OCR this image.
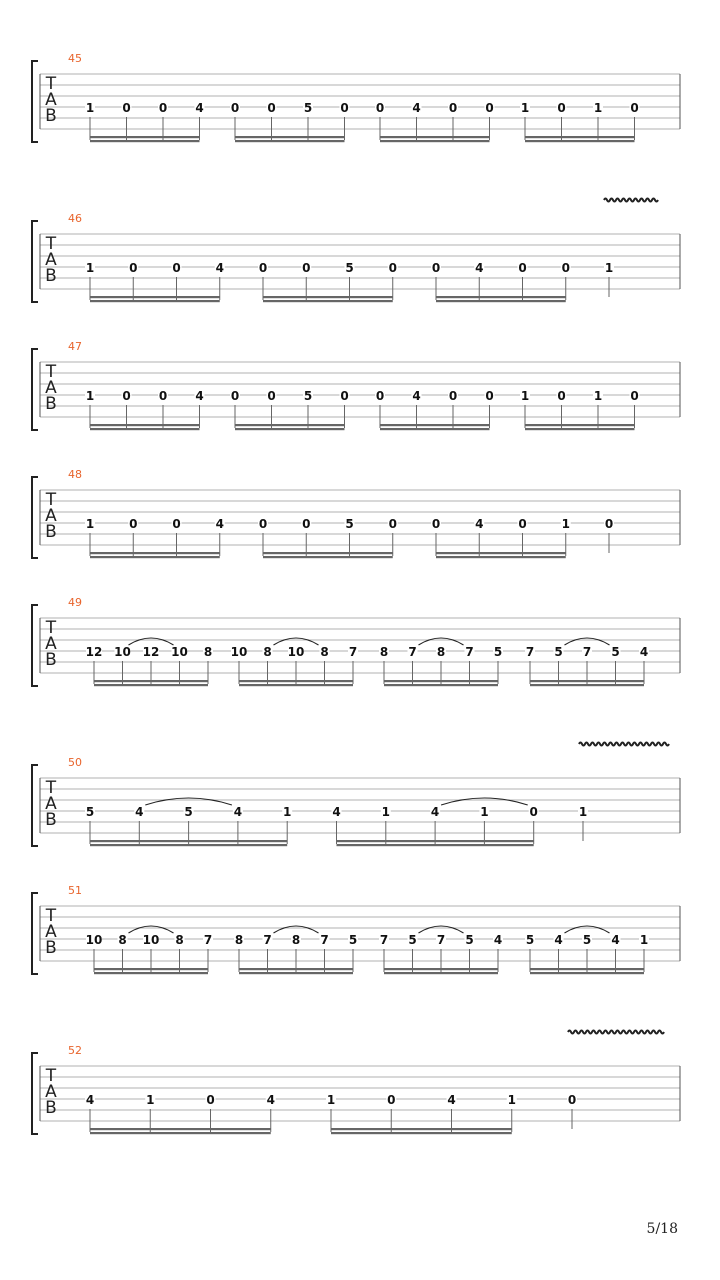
45
T
A
B 1 0 0 4 0 0 5 0 0 4 0 0 1 0 1 0
46
T
A
B 1	0	0	4	0	0	5	0	0	4	0	0	1
47
T
A
B 1 0 0 4 0 0 5 0 0 4 0 0 1 0 1 0
48
T
A
B 1	0	0	4	0	0	5	0	0	4	0	1	0
49
T
A
B 12 10 12 10 8 10 8 10 8 7 8 7 8 7 5 7 5 7 5 4
50
T
A
B 5	4	5	4	1	4	1	4	1	0	1
51
T
A
B 10 8 10 8 7 8 7 8 7 5 7 5 7 5 4 5 4 5 4 1
52
T
A
B 4	1	0	4	1	0	4	1	0
5/18
